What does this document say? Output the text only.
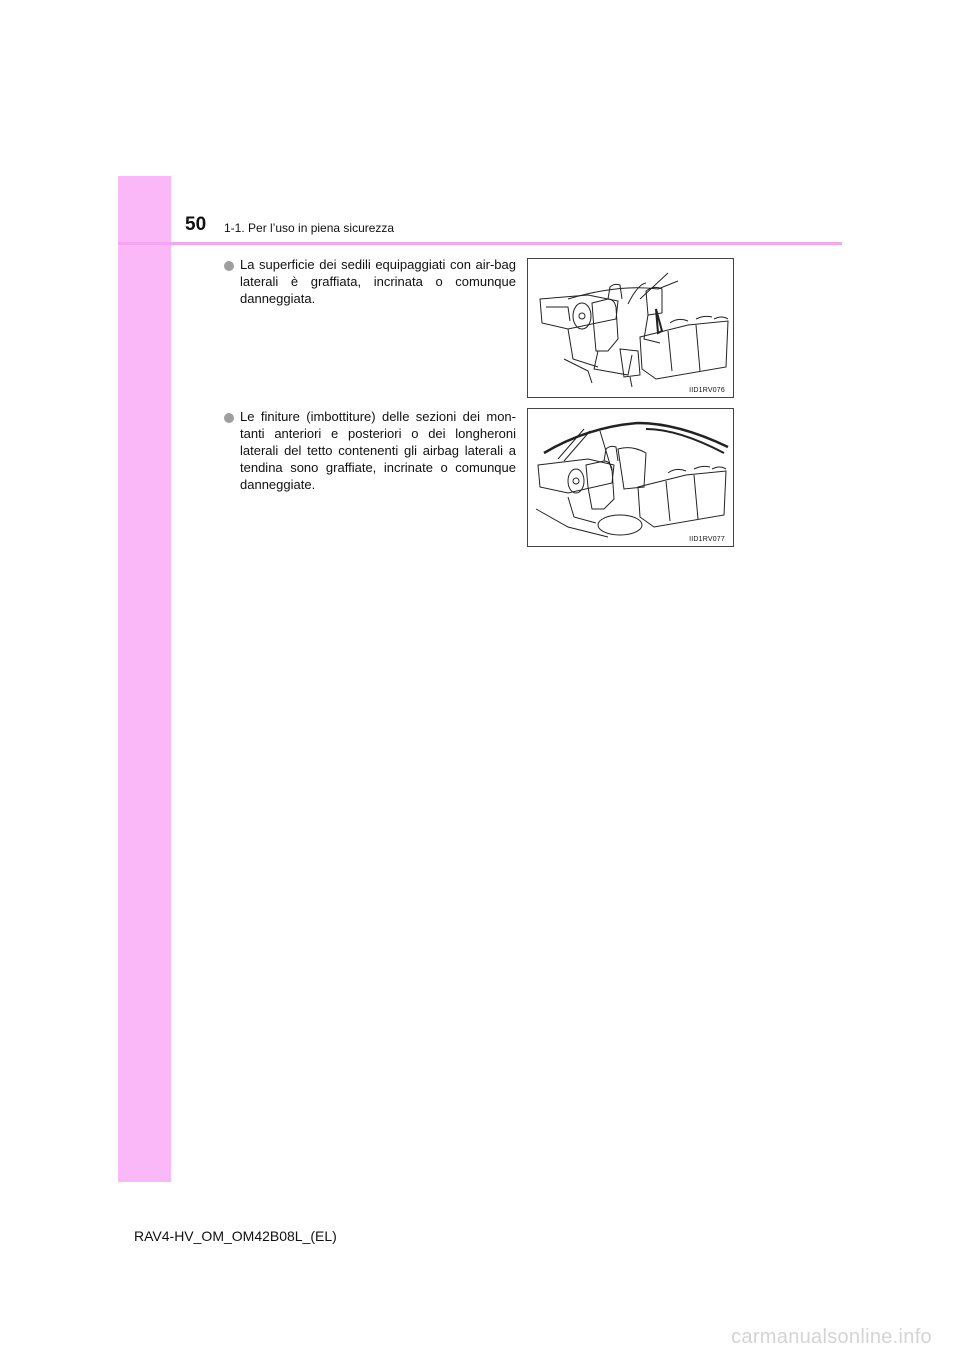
50 1-1. Per l’uso in piena sicurezza
La superficie dei sedili equipaggiati con air-bag laterali è graffiata, incrinata o comunque danneggiata.
IID1RV076
Le finiture (imbottiture) delle sezioni dei mon-tanti anteriori e posteriori o dei longheroni laterali del tetto contenenti gli airbag laterali a tendina sono graffiate, incrinate o comunque danneggiate.
IID1RV077
RAV4-HV_OM_OM42B08L_(EL)
carmanualsonline.info
